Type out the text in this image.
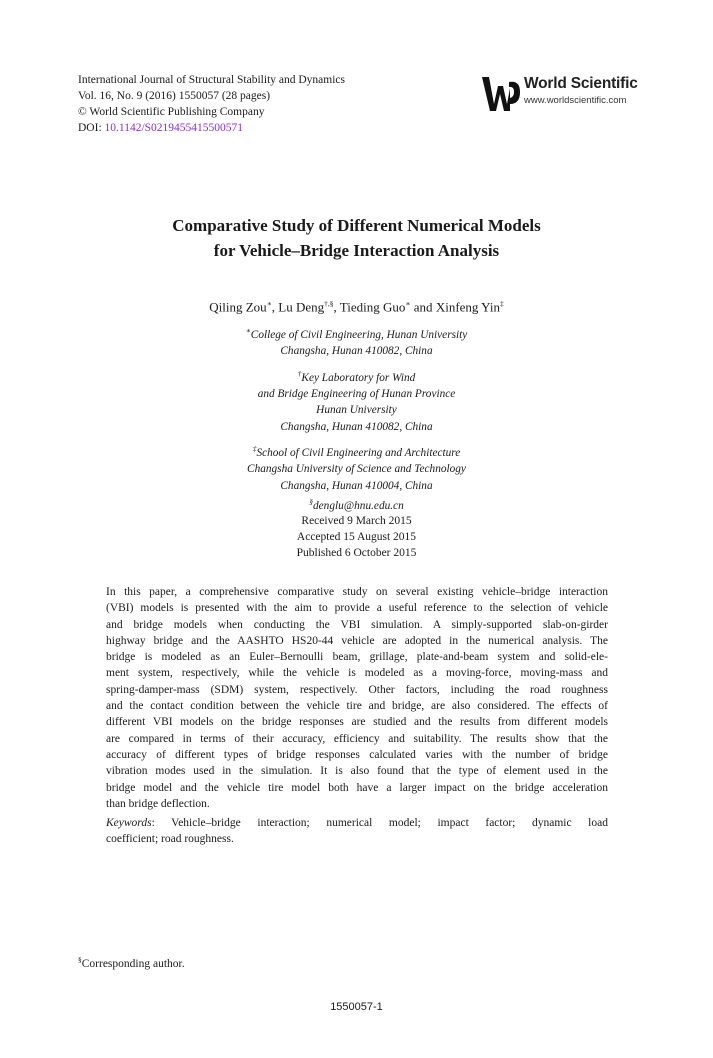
International Journal of Structural Stability and Dynamics
Vol. 16, No. 9 (2016) 1550057 (28 pages)
© World Scientific Publishing Company
DOI: 10.1142/S0219455415500571
World Scientific
www.worldscientific.com
Comparative Study of Different Numerical Models
for Vehicle–Bridge Interaction Analysis
Qiling Zou∗, Lu Deng†,§, Tieding Guo∗ and Xinfeng Yin‡
∗College of Civil Engineering, Hunan University
Changsha, Hunan 410082, China
†Key Laboratory for Wind
and Bridge Engineering of Hunan Province
Hunan University
Changsha, Hunan 410082, China
‡School of Civil Engineering and Architecture
Changsha University of Science and Technology
Changsha, Hunan 410004, China
§denglu@hnu.edu.cn
Received 9 March 2015
Accepted 15 August 2015
Published 6 October 2015
In this paper, a comprehensive comparative study on several existing vehicle–bridge interaction
(VBI) models is presented with the aim to provide a useful reference to the selection of vehicle
and bridge models when conducting the VBI simulation. A simply-supported slab-on-girder
highway bridge and the AASHTO HS20-44 vehicle are adopted in the numerical analysis. The
bridge is modeled as an Euler–Bernoulli beam, grillage, plate-and-beam system and solid-ele-
ment system, respectively, while the vehicle is modeled as a moving-force, moving-mass and
spring-damper-mass (SDM) system, respectively. Other factors, including the road roughness
and the contact condition between the vehicle tire and bridge, are also considered. The effects of
different VBI models on the bridge responses are studied and the results from different models
are compared in terms of their accuracy, efficiency and suitability. The results show that the
accuracy of different types of bridge responses calculated varies with the number of bridge
vibration modes used in the simulation. It is also found that the type of element used in the
bridge model and the vehicle tire model both have a larger impact on the bridge acceleration
than bridge deflection.
Keywords: Vehicle–bridge interaction; numerical model; impact factor; dynamic load
coefficient; road roughness.
§Corresponding author.
1550057-1
